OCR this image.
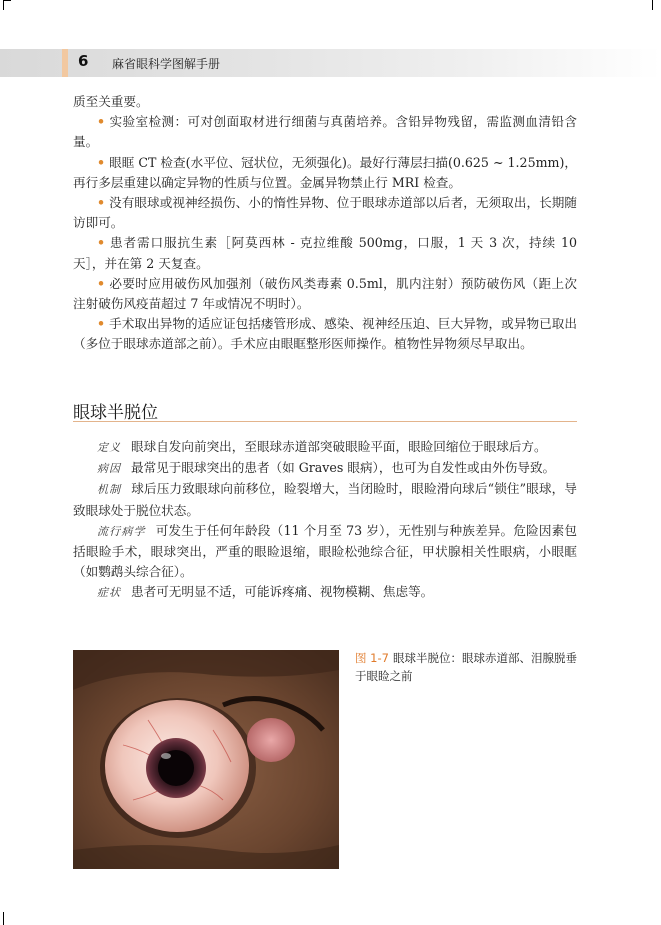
6 麻省眼科学图解手册

质至关重要。

• 实验室检测：可对创面取材进行细菌与真菌培养。含铅异物残留，需监测血清铅含量。

• 眼眶 CT 检查(水平位、冠状位，无须强化)。最好行薄层扫描(0.625 ~ 1.25mm)，再行多层重建以确定异物的性质与位置。金属异物禁止行 MRI 检查。

• 没有眼球或视神经损伤、小的惰性异物、位于眼球赤道部以后者，无须取出，长期随访即可。

• 患者需口服抗生素［阿莫西林 - 克拉维酸 500mg，口服，1 天 3 次，持续 10 天］，并在第 2 天复查。

• 必要时应用破伤风加强剂（破伤风类毒素 0.5ml，肌内注射）预防破伤风（距上次注射破伤风疫苗超过 7 年或情况不明时）。

• 手术取出异物的适应证包括瘘管形成、感染、视神经压迫、巨大异物，或异物已取出（多位于眼球赤道部之前）。手术应由眼眶整形医师操作。植物性异物须尽早取出。

眼球半脱位

定义 眼球自发向前突出，至眼球赤道部突破眼睑平面，眼睑回缩位于眼球后方。

病因 最常见于眼球突出的患者（如 Graves 眼病），也可为自发性或由外伤导致。

机制 球后压力致眼球向前移位，睑裂增大，当闭睑时，眼睑滑向球后“锁住”眼球，导致眼球处于脱位状态。

流行病学 可发生于任何年龄段（11 个月至 73 岁），无性别与种族差异。危险因素包括眼睑手术，眼球突出，严重的眼睑退缩，眼睑松弛综合征，甲状腺相关性眼病，小眼眶（如鹦鹉头综合征）。

症状 患者可无明显不适，可能诉疼痛、视物模糊、焦虑等。

图 1-7 眼球半脱位：眼球赤道部、泪腺脱垂于眼睑之前
